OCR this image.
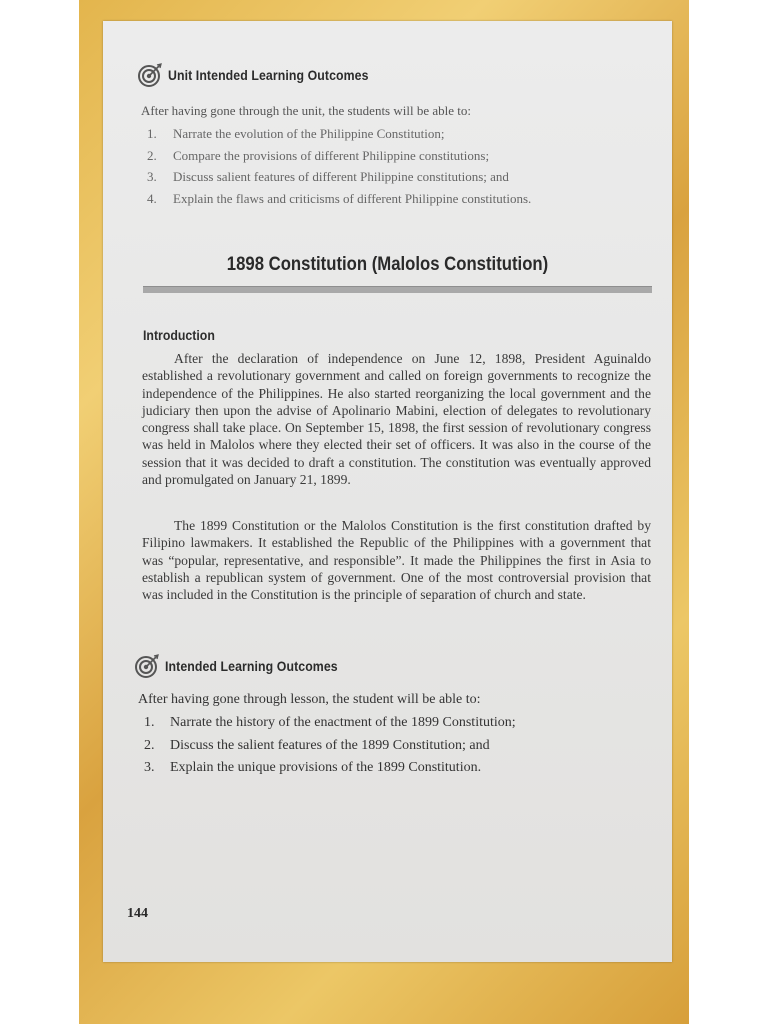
Unit Intended Learning Outcomes
After having gone through the unit, the students will be able to:
1. Narrate the evolution of the Philippine Constitution;
2. Compare the provisions of different Philippine constitutions;
3. Discuss salient features of different Philippine constitutions; and
4. Explain the flaws and criticisms of different Philippine constitutions.
1898 Constitution (Malolos Constitution)
Introduction

After the declaration of independence on June 12, 1898, President Aguinaldo established a revolutionary government and called on foreign governments to recognize the independence of the Philippines. He also started reorganizing the local government and the judiciary then upon the advise of Apolinario Mabini, election of delegates to revolutionary congress shall take place. On September 15, 1898, the first session of revolutionary congress was held in Malolos where they elected their set of officers. It was also in the course of the session that it was decided to draft a constitution. The constitution was eventually approved and promulgated on January 21, 1899.

The 1899 Constitution or the Malolos Constitution is the first constitution drafted by Filipino lawmakers. It established the Republic of the Philippines with a government that was “popular, representative, and responsible”. It made the Philippines the first in Asia to establish a republican system of government. One of the most controversial provision that was included in the Constitution is the principle of separation of church and state.

Intended Learning Outcomes
After having gone through lesson, the student will be able to:
1. Narrate the history of the enactment of the 1899 Constitution;
2. Discuss the salient features of the 1899 Constitution; and
3. Explain the unique provisions of the 1899 Constitution.
144
